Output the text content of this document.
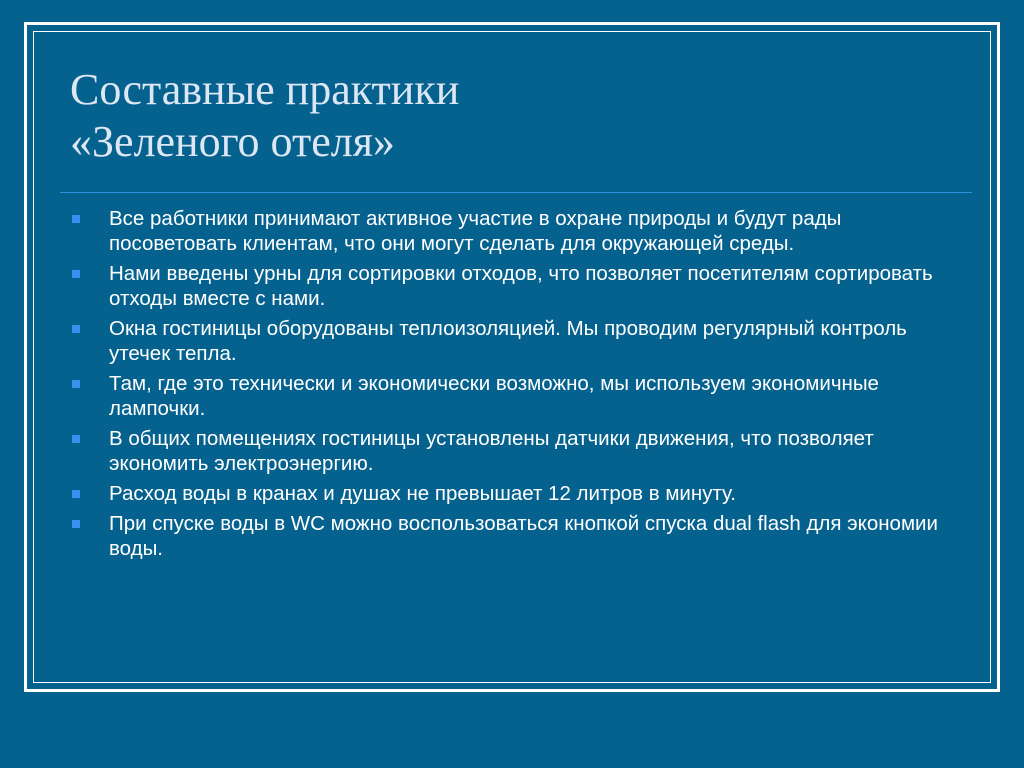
Составные практики
«Зеленого отеля»
Все работники принимают активное участие в охране природы и будут рады посоветовать клиентам, что они могут сделать для окружающей среды.
Нами введены урны для сортировки отходов, что позволяет посетителям сортировать отходы вместе с нами.
Окна гостиницы оборудованы теплоизоляцией. Мы проводим регулярный контроль утечек тепла.
Там, где это технически и экономически возможно, мы используем экономичные лампочки.
В общих помещениях гостиницы установлены датчики движения, что позволяет экономить электроэнергию.
Расход воды в кранах и душах не превышает 12 литров в минуту.
При спуске воды в WC можно воспользоваться кнопкой спуска dual flash для экономии воды.
